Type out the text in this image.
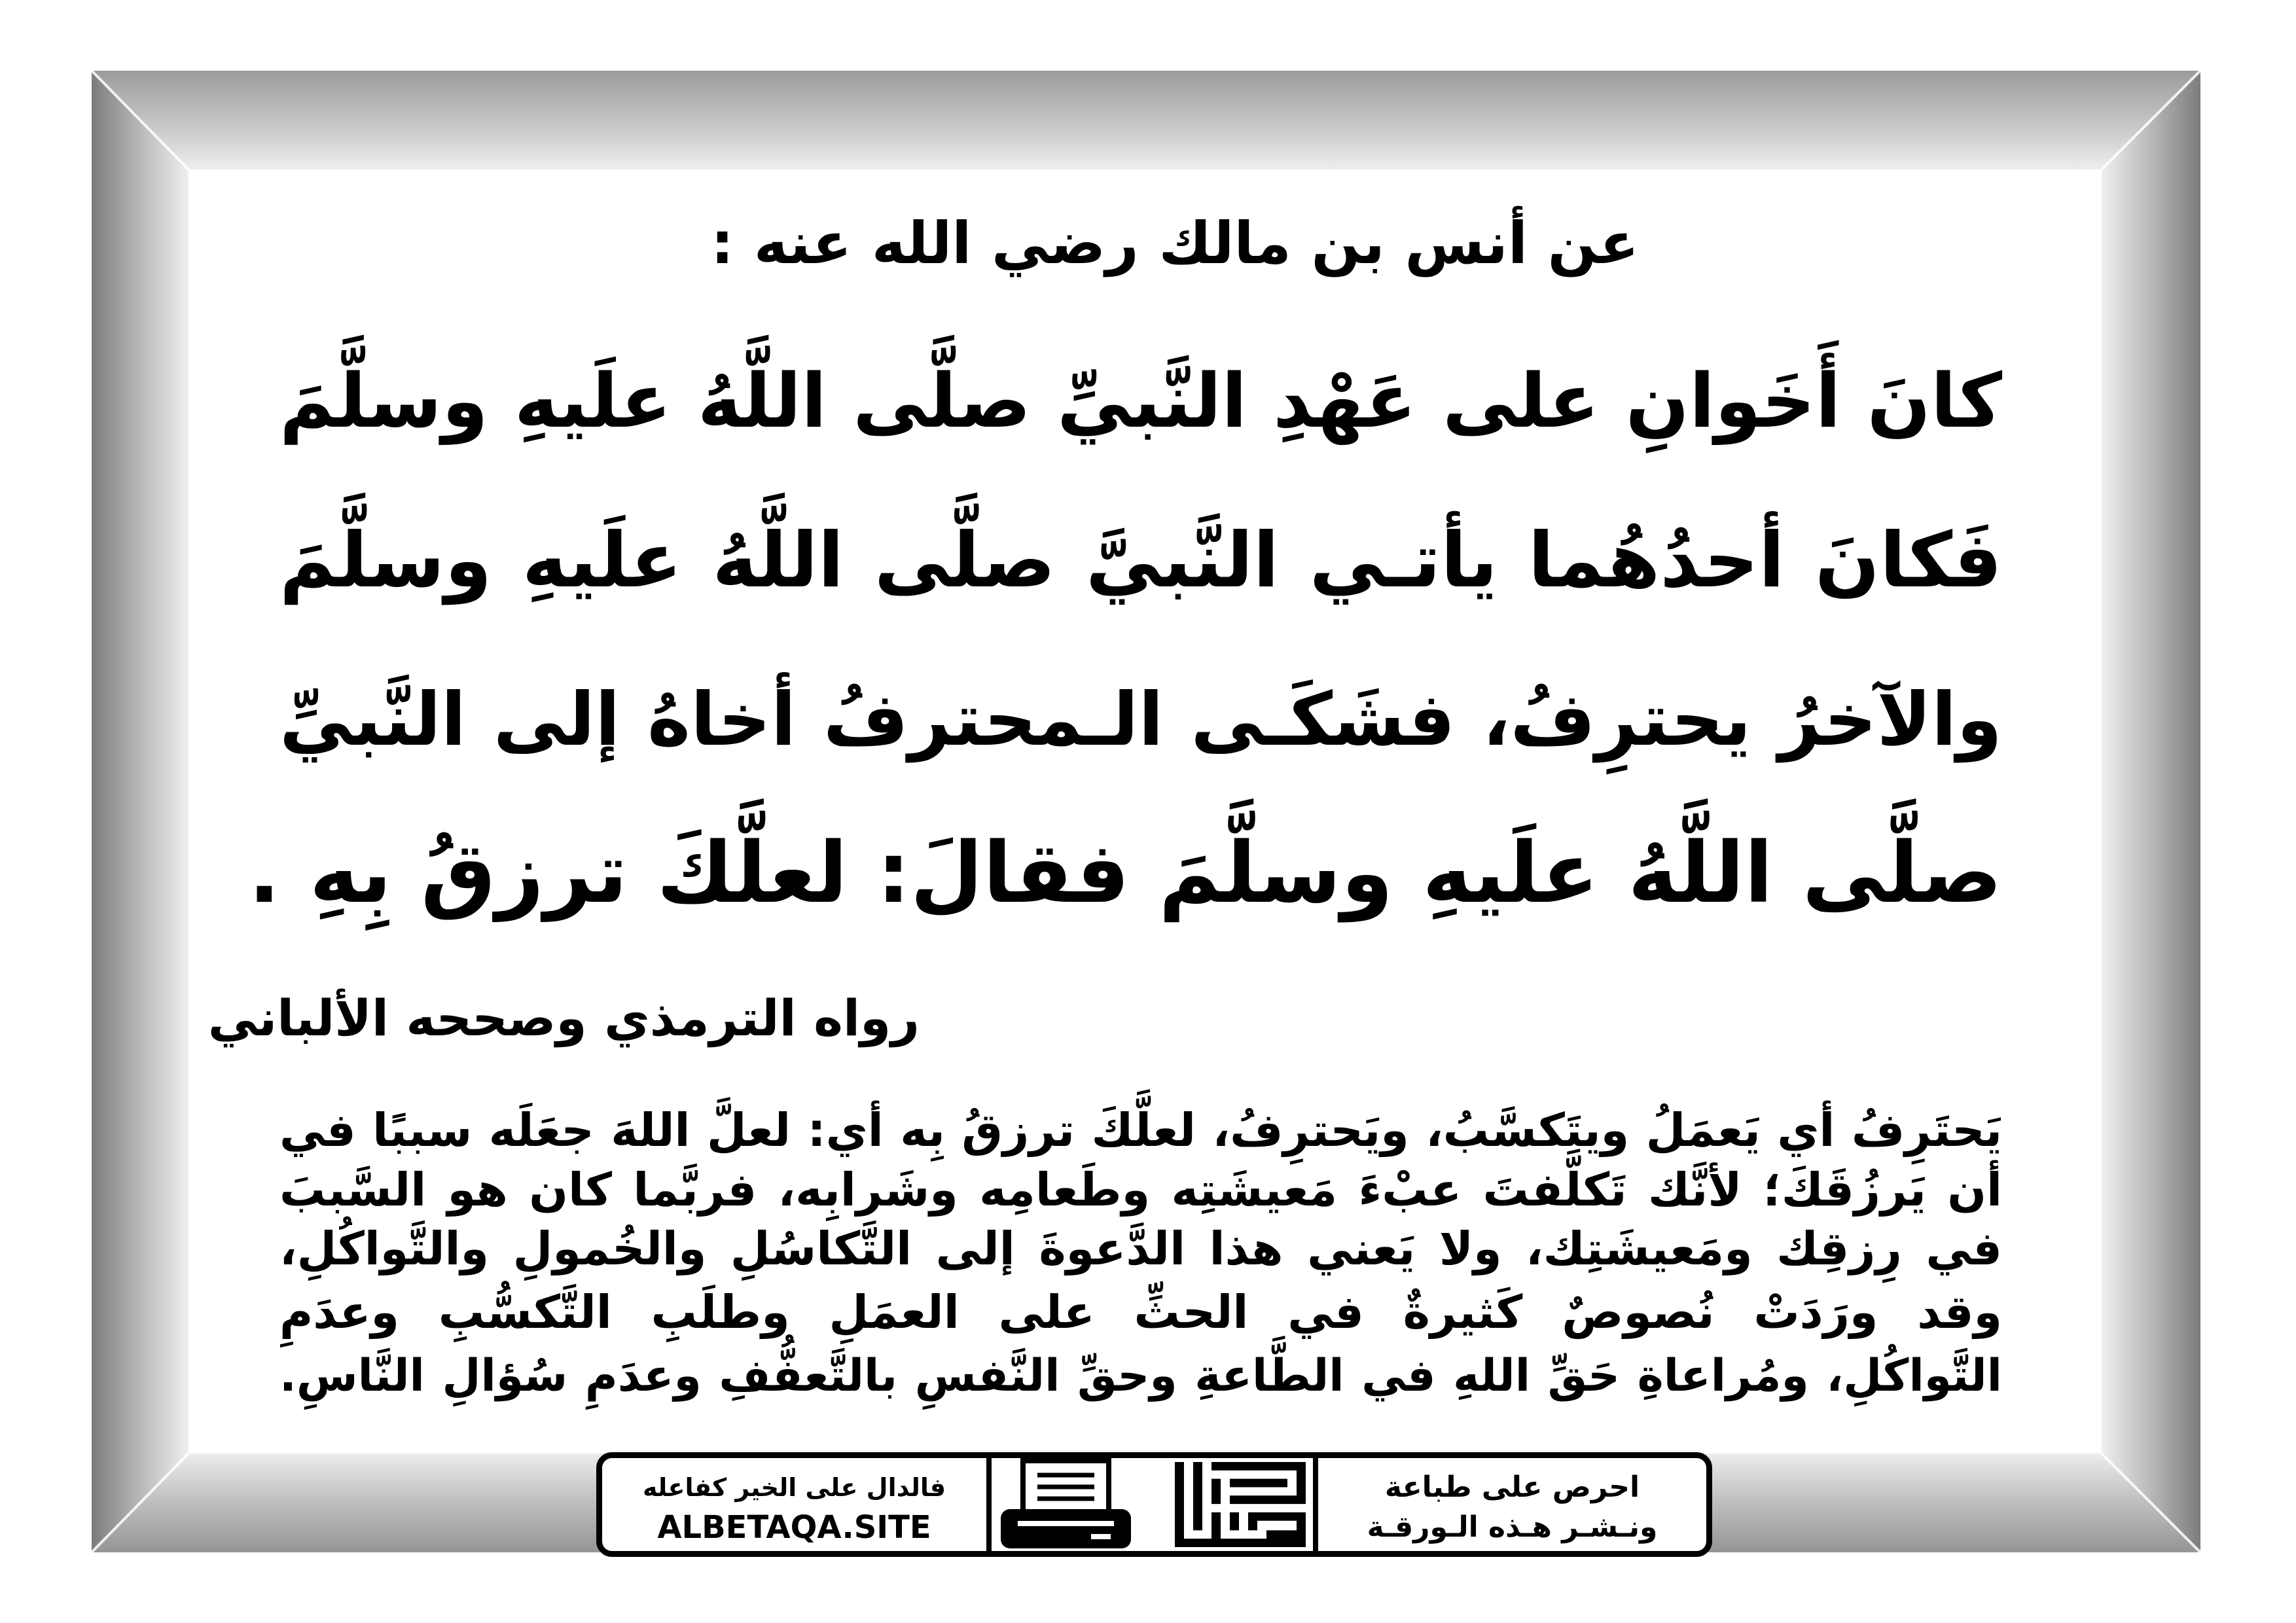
عن أنس بن مالك رضي الله عنه :
كانَ أَخَوانِ على عَهْدِ النَّبيِّ صلَّى اللَّهُ علَيهِ وسلَّمَ
فَكانَ أحدُهُما يأتـي النَّبيَّ صلَّى اللَّهُ علَيهِ وسلَّمَ
والآخرُ يحترِفُ، فشَكَـى الـمحترفُ أخاهُ إلى النَّبيِّ
صلَّى اللَّهُ علَيهِ وسلَّمَ فقالَ: لعلَّكَ ترزقُ بِهِ .
رواه الترمذي وصححه الألباني
يَحتَرِفُ أي يَعمَلُ ويتَكسَّبُ، ويَحترِفُ، لعلَّكَ ترزقُ بِه أي: لعلَّ اللهَ جعَلَه سببًا في
أن يَرزُقَكَ؛ لأنَّك تَكلَّفتَ عبْءَ مَعيشَتِه وطَعامِه وشَرابِه، فربَّما كان هو السَّببَ
في رِزقِك ومَعيشَتِك، ولا يَعني هذا الدَّعوةَ إلى التَّكاسُلِ والخُمولِ والتَّواكُلِ،
وقد ورَدَتْ نُصوصٌ كَثيرةٌ في الحثِّ على العمَلِ وطلَبِ التَّكسُّبِ وعدَمِ
التَّواكُلِ، ومُراعاةِ حَقِّ اللهِ في الطَّاعةِ وحقِّ النَّفسِ بالتَّعفُّفِ وعدَمِ سُؤالِ النَّاسِ.
فالدال على الخير كفاعله
ALBETAQA.SITE
احرص على طباعة
ونـشـر هـذه الـورقـة
